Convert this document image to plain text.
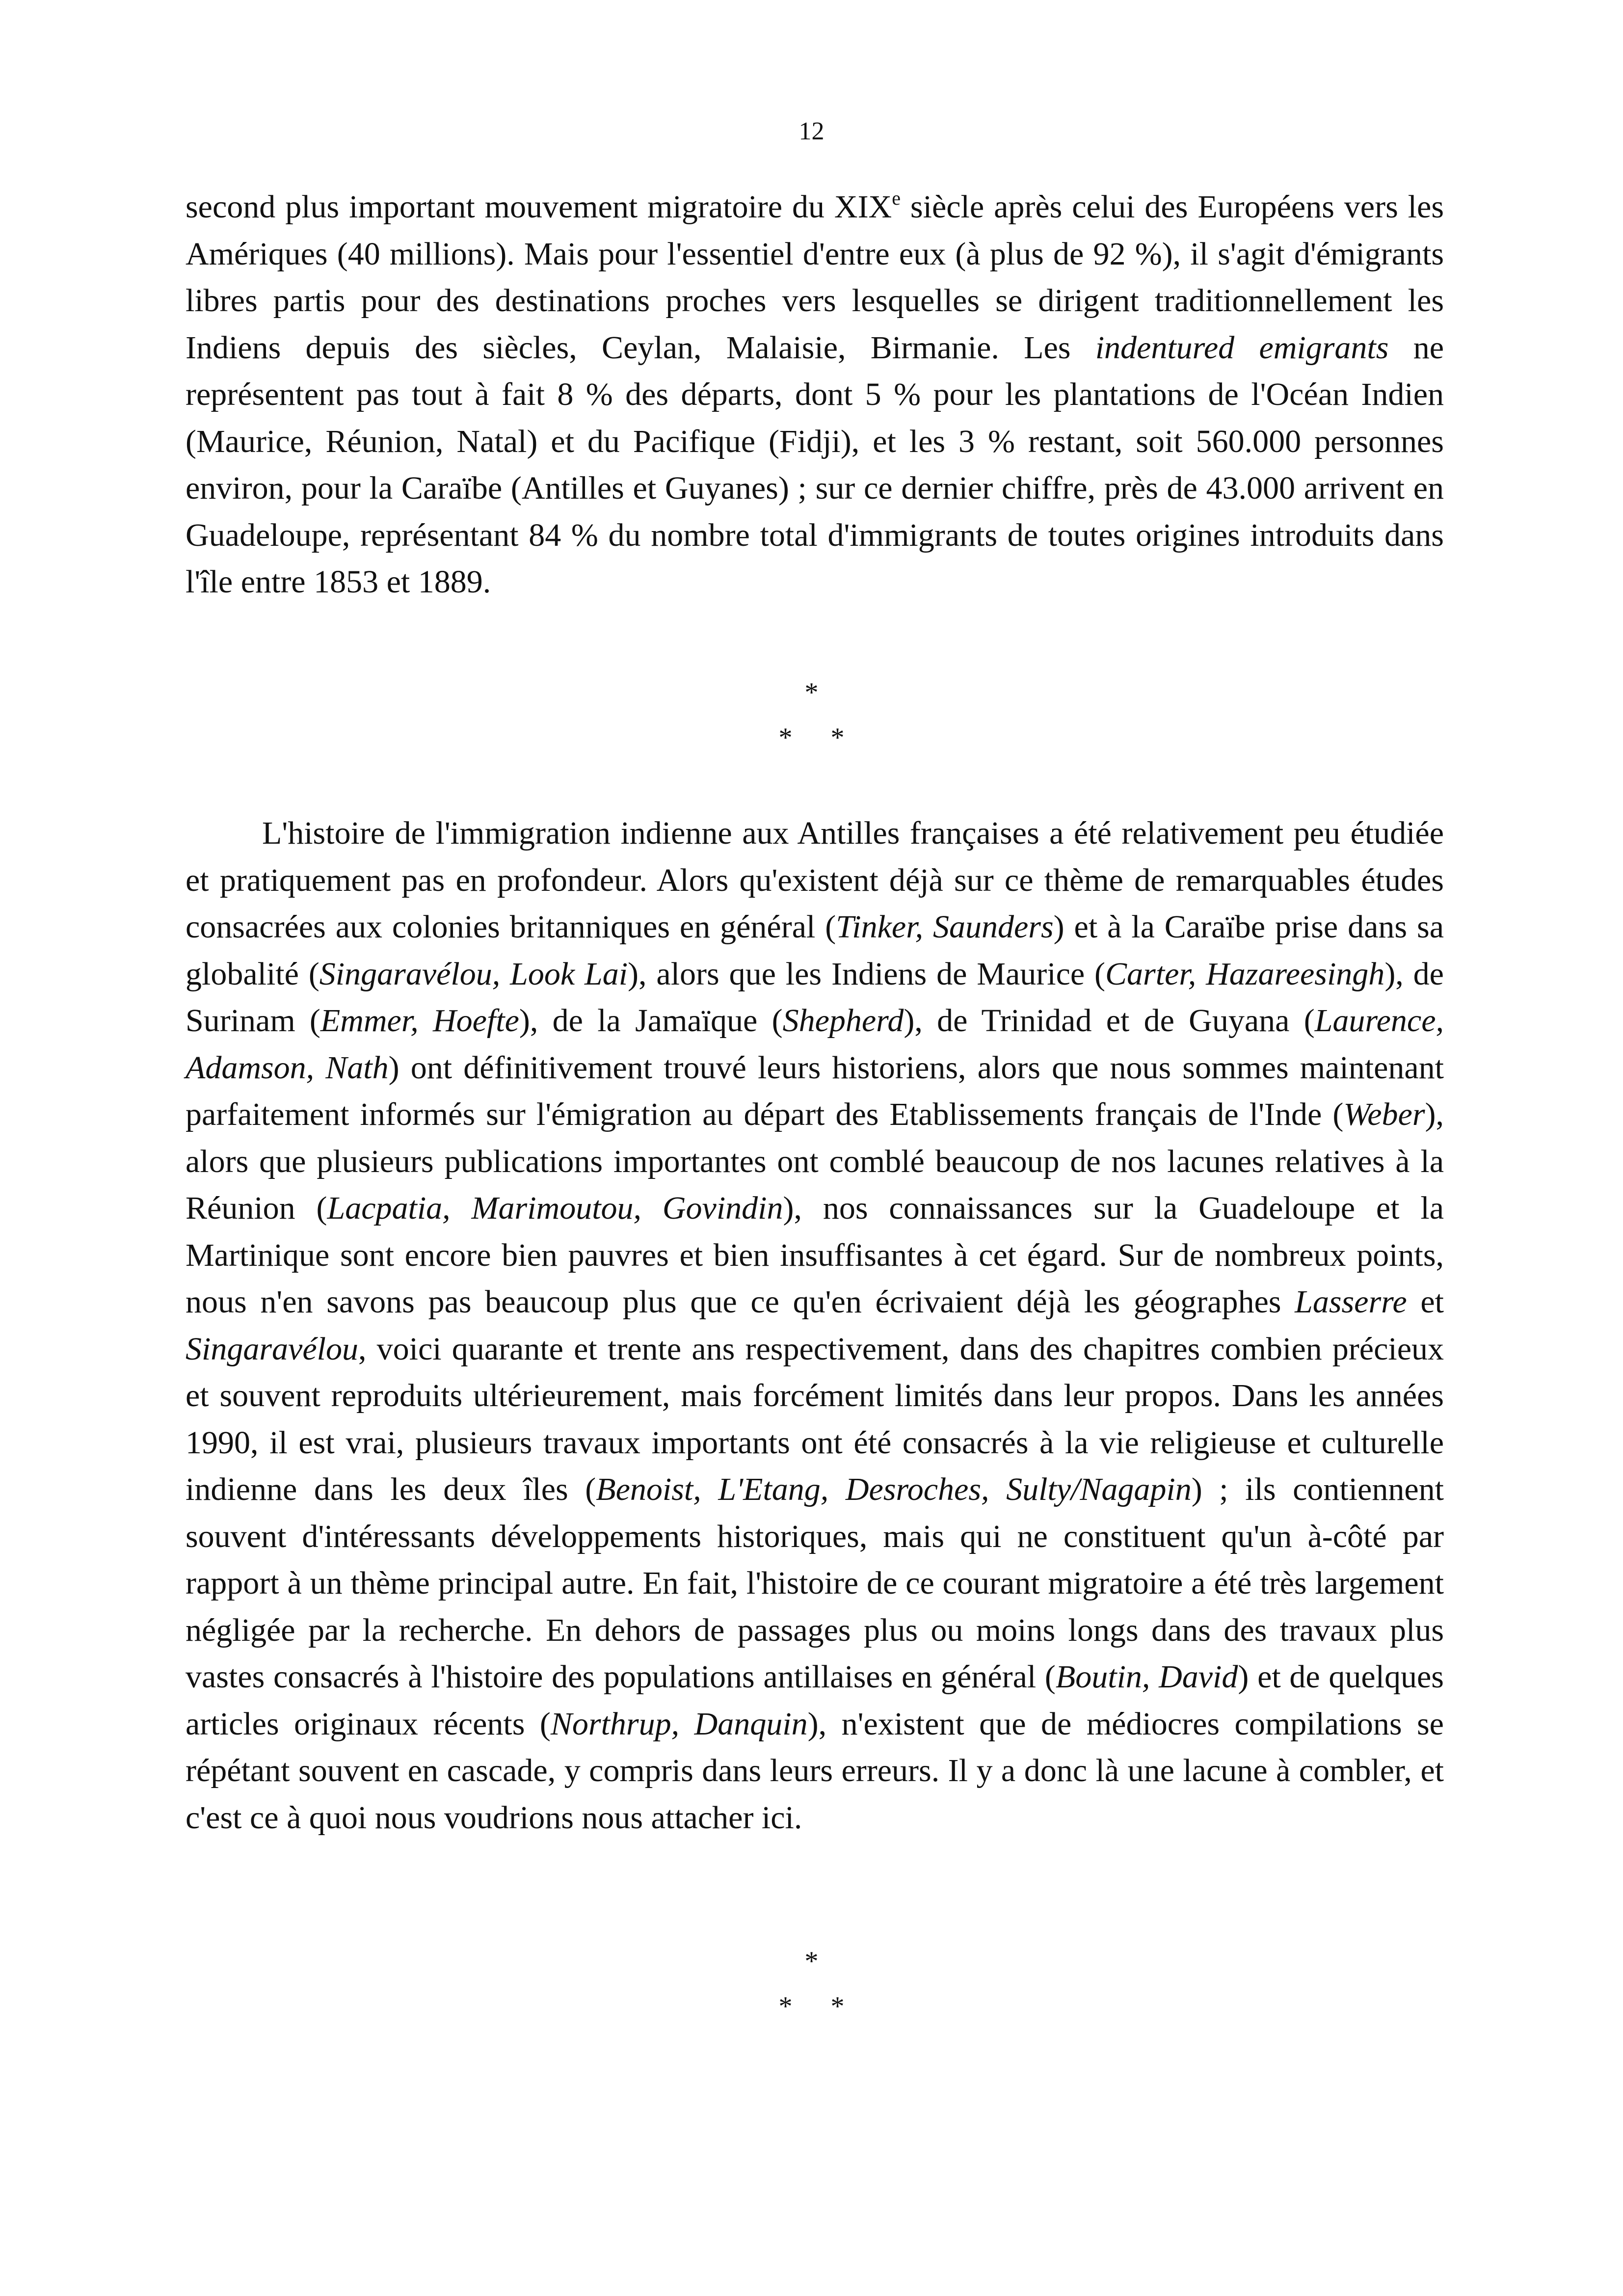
12

second plus important mouvement migratoire du XIXe siècle après celui des Européens vers les Amériques (40 millions). Mais pour l'essentiel d'entre eux (à plus de 92 %), il s'agit d'émigrants libres partis pour des destinations proches vers lesquelles se dirigent traditionnellement les Indiens depuis des siècles, Ceylan, Malaisie, Birmanie. Les indentured emigrants ne représentent pas tout à fait 8 % des départs, dont 5 % pour les plantations de l'Océan Indien (Maurice, Réunion, Natal) et du Pacifique (Fidji), et les 3 % restant, soit 560.000 personnes environ, pour la Caraïbe (Antilles et Guyanes) ; sur ce dernier chiffre, près de 43.000 arrivent en Guadeloupe, représentant 84 % du nombre total d'immigrants de toutes origines introduits dans l'île entre 1853 et 1889.

*
* *

L'histoire de l'immigration indienne aux Antilles françaises a été relativement peu étudiée et pratiquement pas en profondeur. Alors qu'existent déjà sur ce thème de remarquables études consacrées aux colonies britanniques en général (Tinker, Saunders) et à la Caraïbe prise dans sa globalité (Singaravélou, Look Lai), alors que les Indiens de Maurice (Carter, Hazareesingh), de Surinam (Emmer, Hoefte), de la Jamaïque (Shepherd), de Trinidad et de Guyana (Laurence, Adamson, Nath) ont définitivement trouvé leurs historiens, alors que nous sommes maintenant parfaitement informés sur l'émigration au départ des Etablissements français de l'Inde (Weber), alors que plusieurs publications importantes ont comblé beaucoup de nos lacunes relatives à la Réunion (Lacpatia, Marimoutou, Govindin), nos connaissances sur la Guadeloupe et la Martinique sont encore bien pauvres et bien insuffisantes à cet égard. Sur de nombreux points, nous n'en savons pas beaucoup plus que ce qu'en écrivaient déjà les géographes Lasserre et Singaravélou, voici quarante et trente ans respectivement, dans des chapitres combien précieux et souvent reproduits ultérieurement, mais forcément limités dans leur propos. Dans les années 1990, il est vrai, plusieurs travaux importants ont été consacrés à la vie religieuse et culturelle indienne dans les deux îles (Benoist, L'Etang, Desroches, Sulty/Nagapin) ; ils contiennent souvent d'intéressants développements historiques, mais qui ne constituent qu'un à-côté par rapport à un thème principal autre. En fait, l'histoire de ce courant migratoire a été très largement négligée par la recherche. En dehors de passages plus ou moins longs dans des travaux plus vastes consacrés à l'histoire des populations antillaises en général (Boutin, David) et de quelques articles originaux récents (Northrup, Danquin), n'existent que de médiocres compilations se répétant souvent en cascade, y compris dans leurs erreurs. Il y a donc là une lacune à combler, et c'est ce à quoi nous voudrions nous attacher ici.

*
* *
